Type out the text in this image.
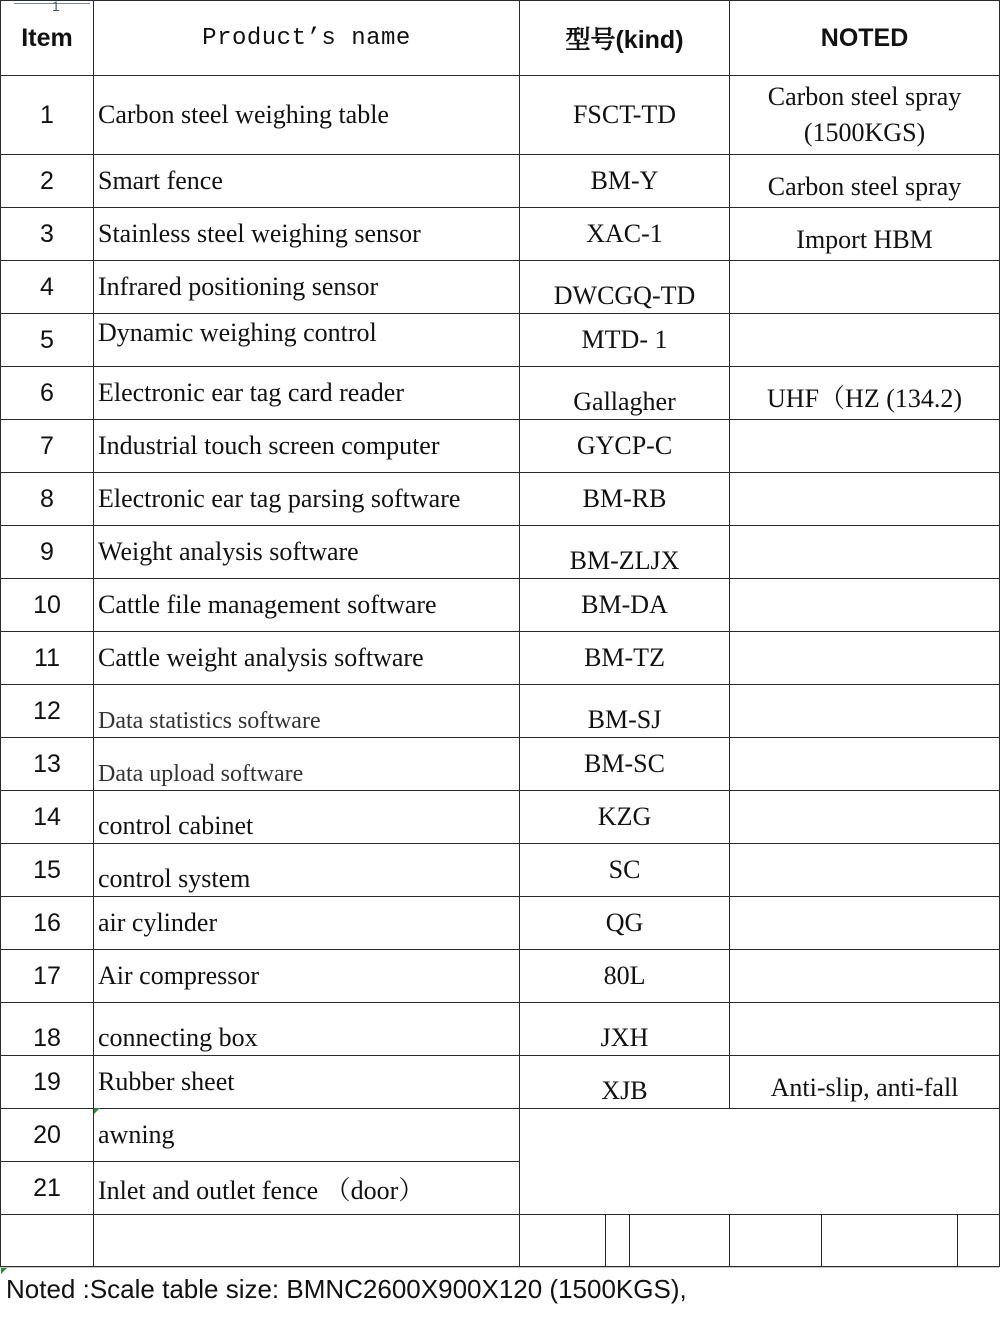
Item	Product’s name	型号(kind)			NOTED		
1	Carbon steel weighing table	FSCT-TD			Carbon steel spray (1500KGS)		
2	Smart fence	BM-Y			Carbon steel spray		
3	Stainless steel weighing sensor	XAC-1			Import HBM		
4	Infrared positioning sensor	DWCGQ-TD					
5	Dynamic weighing control	MTD- 1					
6	Electronic ear tag card reader	Gallagher			UHF（HZ (134.2)		
7	Industrial touch screen computer	GYCP-C					
8	Electronic ear tag parsing software	BM-RB					
9	Weight analysis software	BM-ZLJX					
10	Cattle file management software	BM-DA					
11	Cattle weight analysis software	BM-TZ					
12	Data statistics software	BM-SJ					
13	Data upload software	BM-SC					
14	control cabinet	KZG					
15	control system	SC					
16	air cylinder	QG					
17	Air compressor	80L					
18	connecting box	JXH					
19	Rubber sheet	XJB			Anti-slip, anti-fall		
20	awning						
21	Inlet and outlet fence （door）						

1
Noted :Scale table size: BMNC2600X900X120 (1500KGS),
